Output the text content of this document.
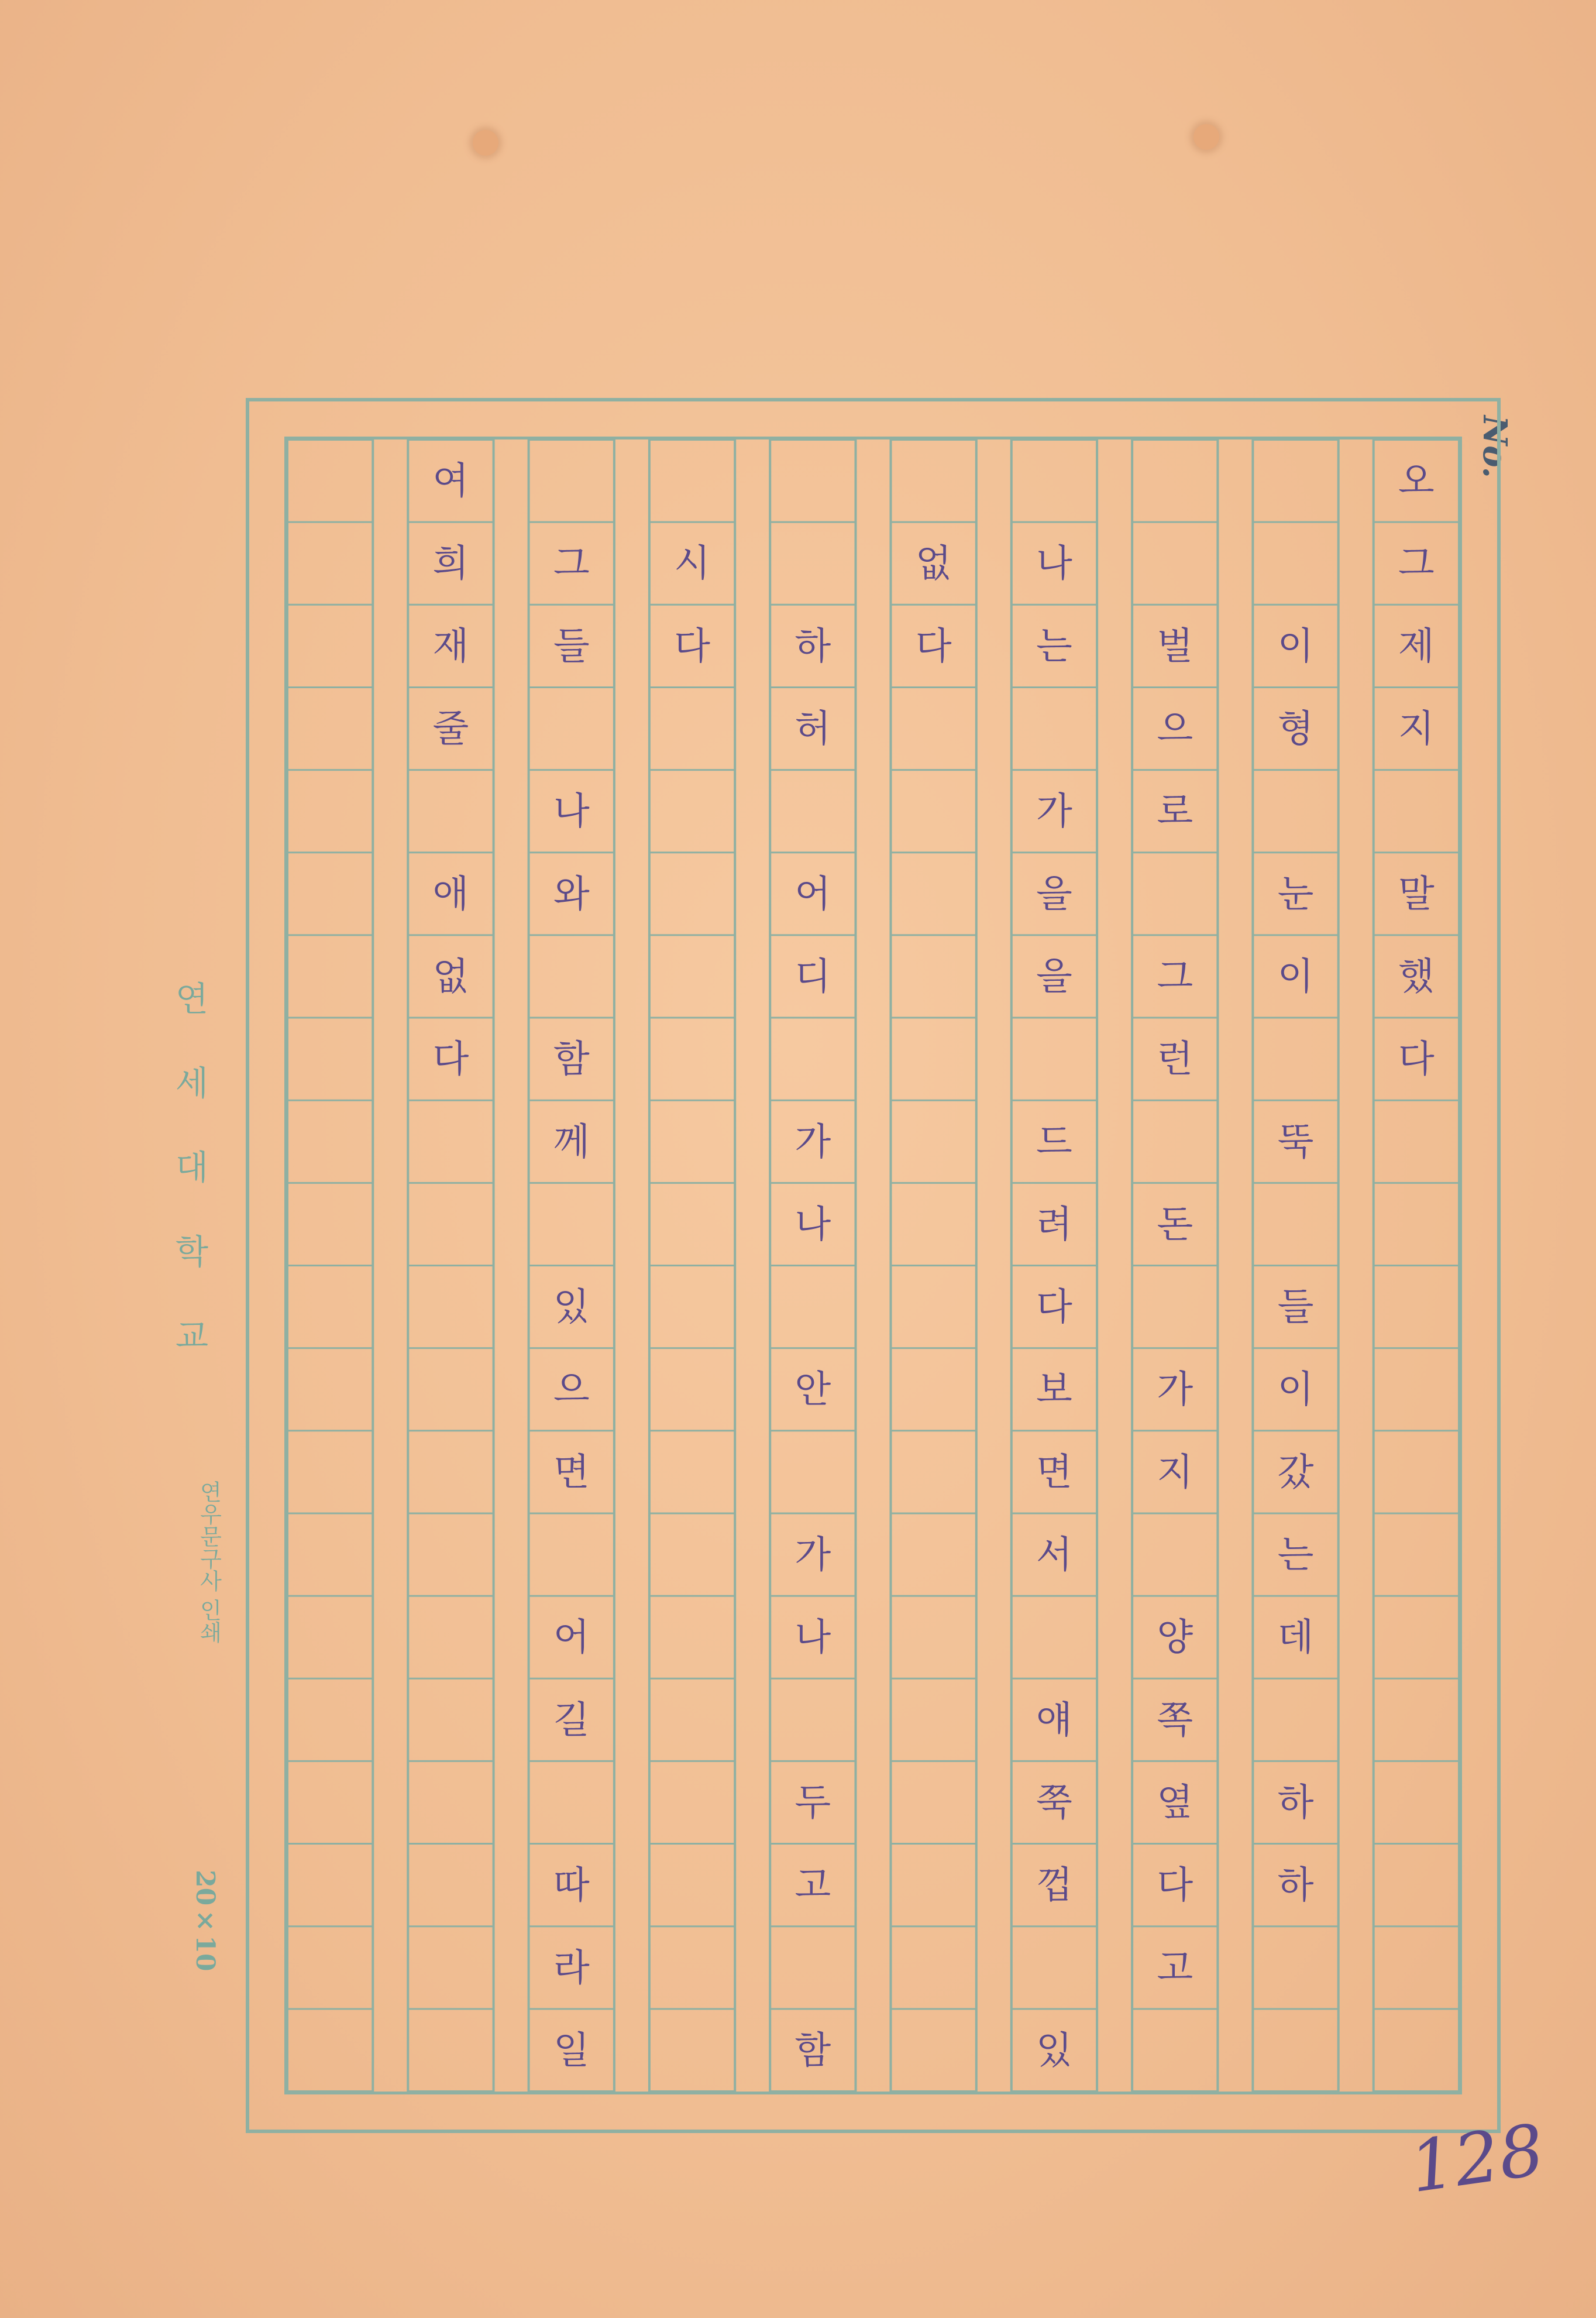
No.
여
희
재
줄
애
없
다
그
들
나
와
함
께
있
으
면
어
길
따
라
일
시
다 하
허
어
디
가
나
안
가
나
두
고
함
없
다
나
는
가
을
을
드
려
다
보
면
서
얘
쭉
껍
있
벌
으
로
그
런
돈
가
지
양
쪽
옆
다
고
이
형
눈
이
뚝
들
이
갔
는
데
하
하
오
그
제
지
말
했
다
연
세
대
학
교
연우문구사 인쇄
20×10
128
